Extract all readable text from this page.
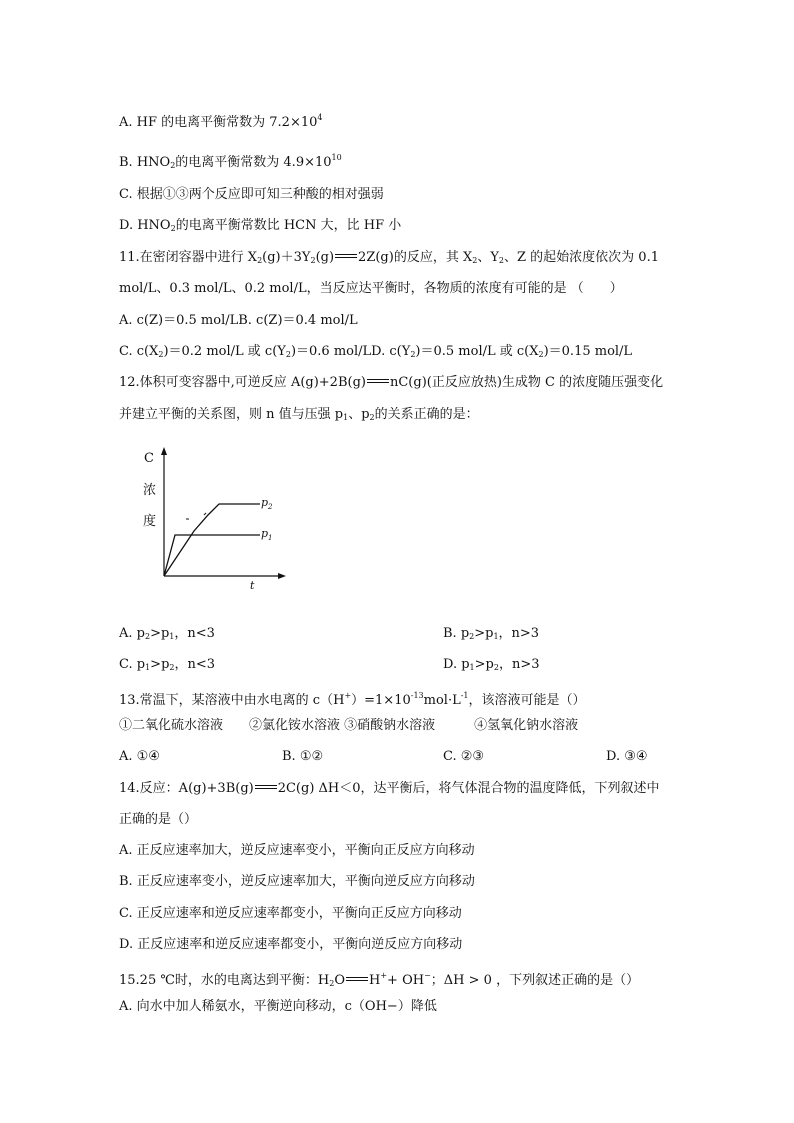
A. HF 的电离平衡常数为 $7.2\times 10^4$
B. HNO2的电离平衡常数为 $4.9\times 10^{10}$
C. 根据①③两个反应即可知三种酸的相对强弱
D. HNO2的电离平衡常数比 HCN 大，比 HF 小
11.在密闭容器中进行 X2(g)＋3Y2(g) 2Z(g)的反应，其 X2、Y2、Z 的起始浓度依次为 0.1
mol/L、0.3 mol/L、0.2 mol/L，当反应达平衡时，各物质的浓度有可能的是 （　　）
A. c(Z)＝0.5 mol/LB. c(Z)＝0.4 mol/L
C. c(X2)＝0.2 mol/L 或 c(Y2)＝0.6 mol/LD. c(Y2)＝0.5 mol/L 或 c(X2)＝0.15 mol/L
12.体积可变容器中,可逆反应 A(g)+2B(g) nC(g)(正反应放热)生成物 C 的浓度随压强变化
并建立平衡的关系图，则 n 值与压强 p1、p2的关系正确的是：
C
浓
度
t
$p_2$
$p_1$
A. p2>p1，n<3	B. p2>p1，n>3
C. p1>p2，n<3	D. p1>p2，n>3
13.常温下，某溶液中由水电离的 $c(H^+)=1\times 10^{-13}mol\cdot L^{-1}$，该溶液可能是（）
①二氧化硫水溶液　　②氯化铵水溶液 ③硝酸钠水溶液　　　④氢氧化钠水溶液
A. ①④	B. ①②	C. ②③	D. ③④
14.反应：A(g)+3B(g) 2C(g) ΔH＜0，达平衡后，将气体混合物的温度降低，下列叙述中
正确的是（）
A. 正反应速率加大，逆反应速率变小，平衡向正反应方向移动
B. 正反应速率变小，逆反应速率加大，平衡向逆反应方向移动
C. 正反应速率和逆反应速率都变小，平衡向正反应方向移动
D. 正反应速率和逆反应速率都变小，平衡向逆反应方向移动
15.25 ℃时，水的电离达到平衡：H2O H++ OH−；ΔH > 0 ，下列叙述正确的是（）
A. 向水中加人稀氨水，平衡逆向移动，c（OH−）降低
